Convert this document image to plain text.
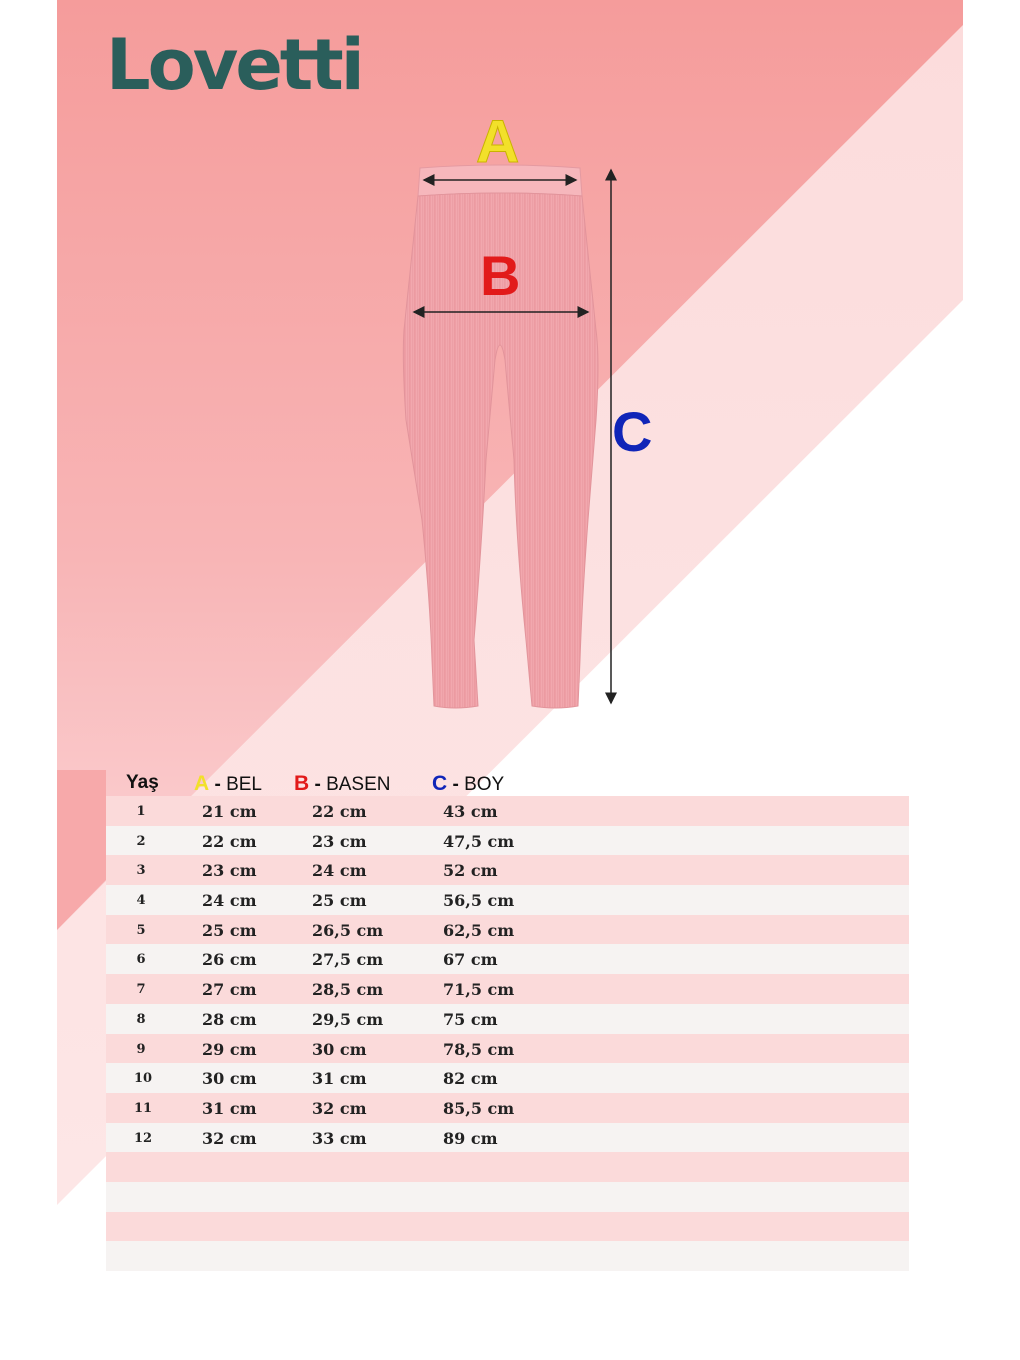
Lovetti
A
B
C
Yaş A - BEL B - BASEN C - BOY
1	21 cm	22 cm	43 cm
2	22 cm	23 cm	47,5 cm
3	23 cm	24 cm	52 cm
4	24 cm	25 cm	56,5 cm
5	25 cm	26,5 cm	62,5 cm
6	26 cm	27,5 cm	67 cm
7	27 cm	28,5 cm	71,5 cm
8	28 cm	29,5 cm	75 cm
9	29 cm	30 cm	78,5 cm
10	30 cm	31 cm	82 cm
11	31 cm	32 cm	85,5 cm
12	32 cm	33 cm	89 cm
